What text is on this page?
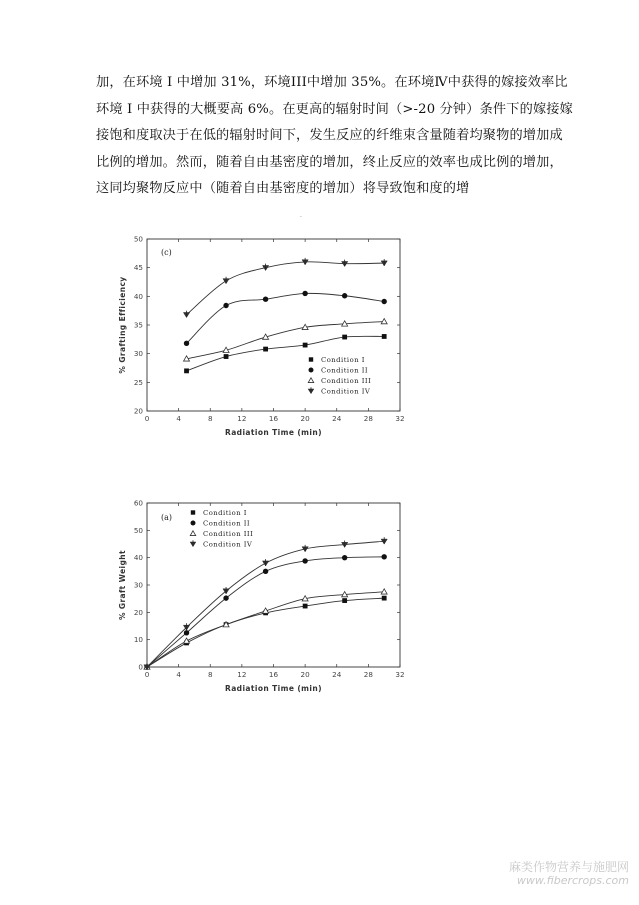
加，在环境 I 中增加 31%，环境III中增加 35%。在环境Ⅳ中获得的嫁接效率比
环境 I 中获得的大概要高 6%。在更高的辐射时间（>-20 分钟）条件下的嫁接嫁
接饱和度取决于在低的辐射时间下，发生反应的纤维束含量随着均聚物的增加成
比例的增加。然而，随着自由基密度的增加，终止反应的效率也成比例的增加，
这同均聚物反应中（随着自由基密度的增加）将导致饱和度的增
·
0	4	8	12	16	20	24	28	32
20
25
30
35
40
45
50
Radiation Time (min)
% Grafting Efficiency
(c)
Condition I
Condition II
Condition III
Condition IV
0	4	8	12	16	20	24	28	32
0
10
20
30
40
50
60
Radiation Time (min)
% Graft Weight
(a)	Condition I
Condition II
Condition III
Condition IV
麻类作物营养与施肥网
www.fibercrops.com
